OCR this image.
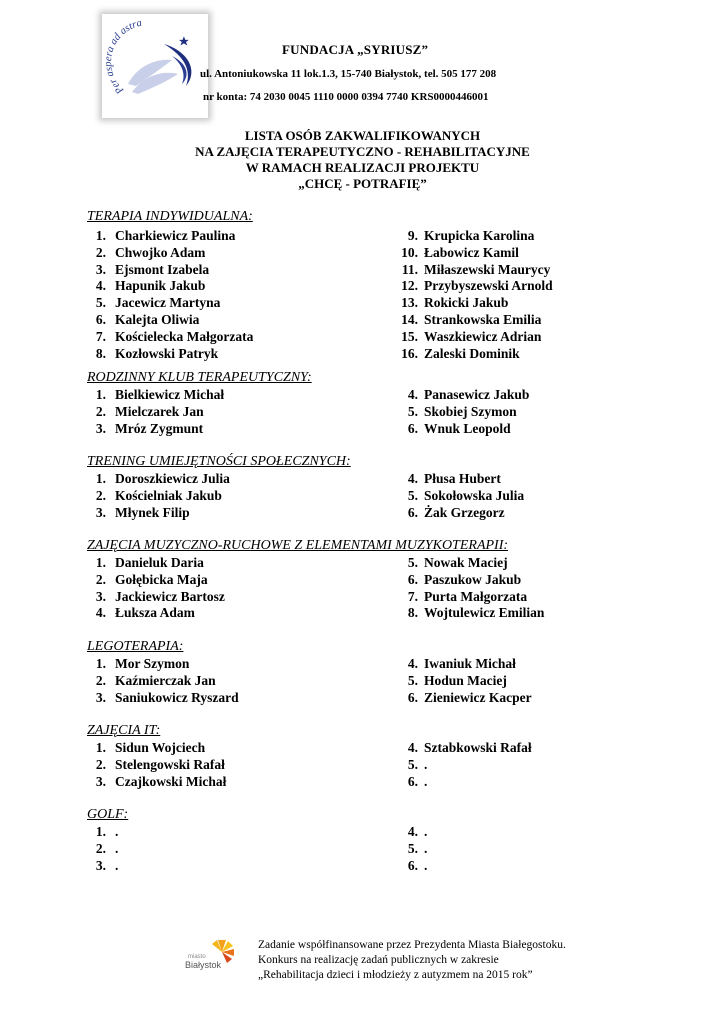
Per aspera ad astra
FUNDACJA „SYRIUSZ”
ul. Antoniukowska 11 lok.1.3, 15-740 Białystok, tel. 505 177 208
nr konta: 74 2030 0045 1110 0000 0394 7740 KRS0000446001
LISTA OSÓB ZAKWALIFIKOWANYCH
NA ZAJĘCIA TERAPEUTYCZNO - REHABILITACYJNE
W RAMACH REALIZACJI PROJEKTU
„CHCĘ - POTRAFIĘ”
TERAPIA INDYWIDUALNA:
1. Charkiewicz Paulina
2. Chwojko Adam
3. Ejsmont Izabela
4. Hapunik Jakub
5. Jacewicz Martyna
6. Kalejta Oliwia
7. Kościelecka Małgorzata
8. Kozłowski Patryk
9. Krupicka Karolina
10. Łabowicz Kamil
11. Miłaszewski Maurycy
12. Przybyszewski Arnold
13. Rokicki Jakub
14. Strankowska Emilia
15. Waszkiewicz Adrian
16. Zaleski Dominik
RODZINNY KLUB TERAPEUTYCZNY:
1. Bielkiewicz Michał
2. Mielczarek Jan
3. Mróz Zygmunt
4. Panasewicz Jakub
5. Skobiej Szymon
6. Wnuk Leopold
TRENING UMIEJĘTNOŚCI SPOŁECZNYCH:
1. Doroszkiewicz Julia
2. Kościelniak Jakub
3. Młynek Filip
4. Płusa Hubert
5. Sokołowska Julia
6. Żak Grzegorz
ZAJĘCIA MUZYCZNO-RUCHOWE Z ELEMENTAMI MUZYKOTERAPII:
1. Danieluk Daria
2. Gołębicka Maja
3. Jackiewicz Bartosz
4. Łuksza Adam
5. Nowak Maciej
6. Paszukow Jakub
7. Purta Małgorzata
8. Wojtulewicz Emilian
LEGOTERAPIA:
1. Mor Szymon
2. Kaźmierczak Jan
3. Saniukowicz Ryszard
4. Iwaniuk Michał
5. Hodun Maciej
6. Zieniewicz Kacper
ZAJĘCIA IT:
1. Sidun Wojciech
2. Stelengowski Rafał
3. Czajkowski Michał
4. Sztabkowski Rafał
5. .
6. .
GOLF:
1. .
2. .
3. .
4. .
5. .
6. .
miasto
Białystok
Zadanie współfinansowane przez Prezydenta Miasta Białegostoku.
Konkurs na realizację zadań publicznych w zakresie
„Rehabilitacja dzieci i młodzieży z autyzmem na 2015 rok”
